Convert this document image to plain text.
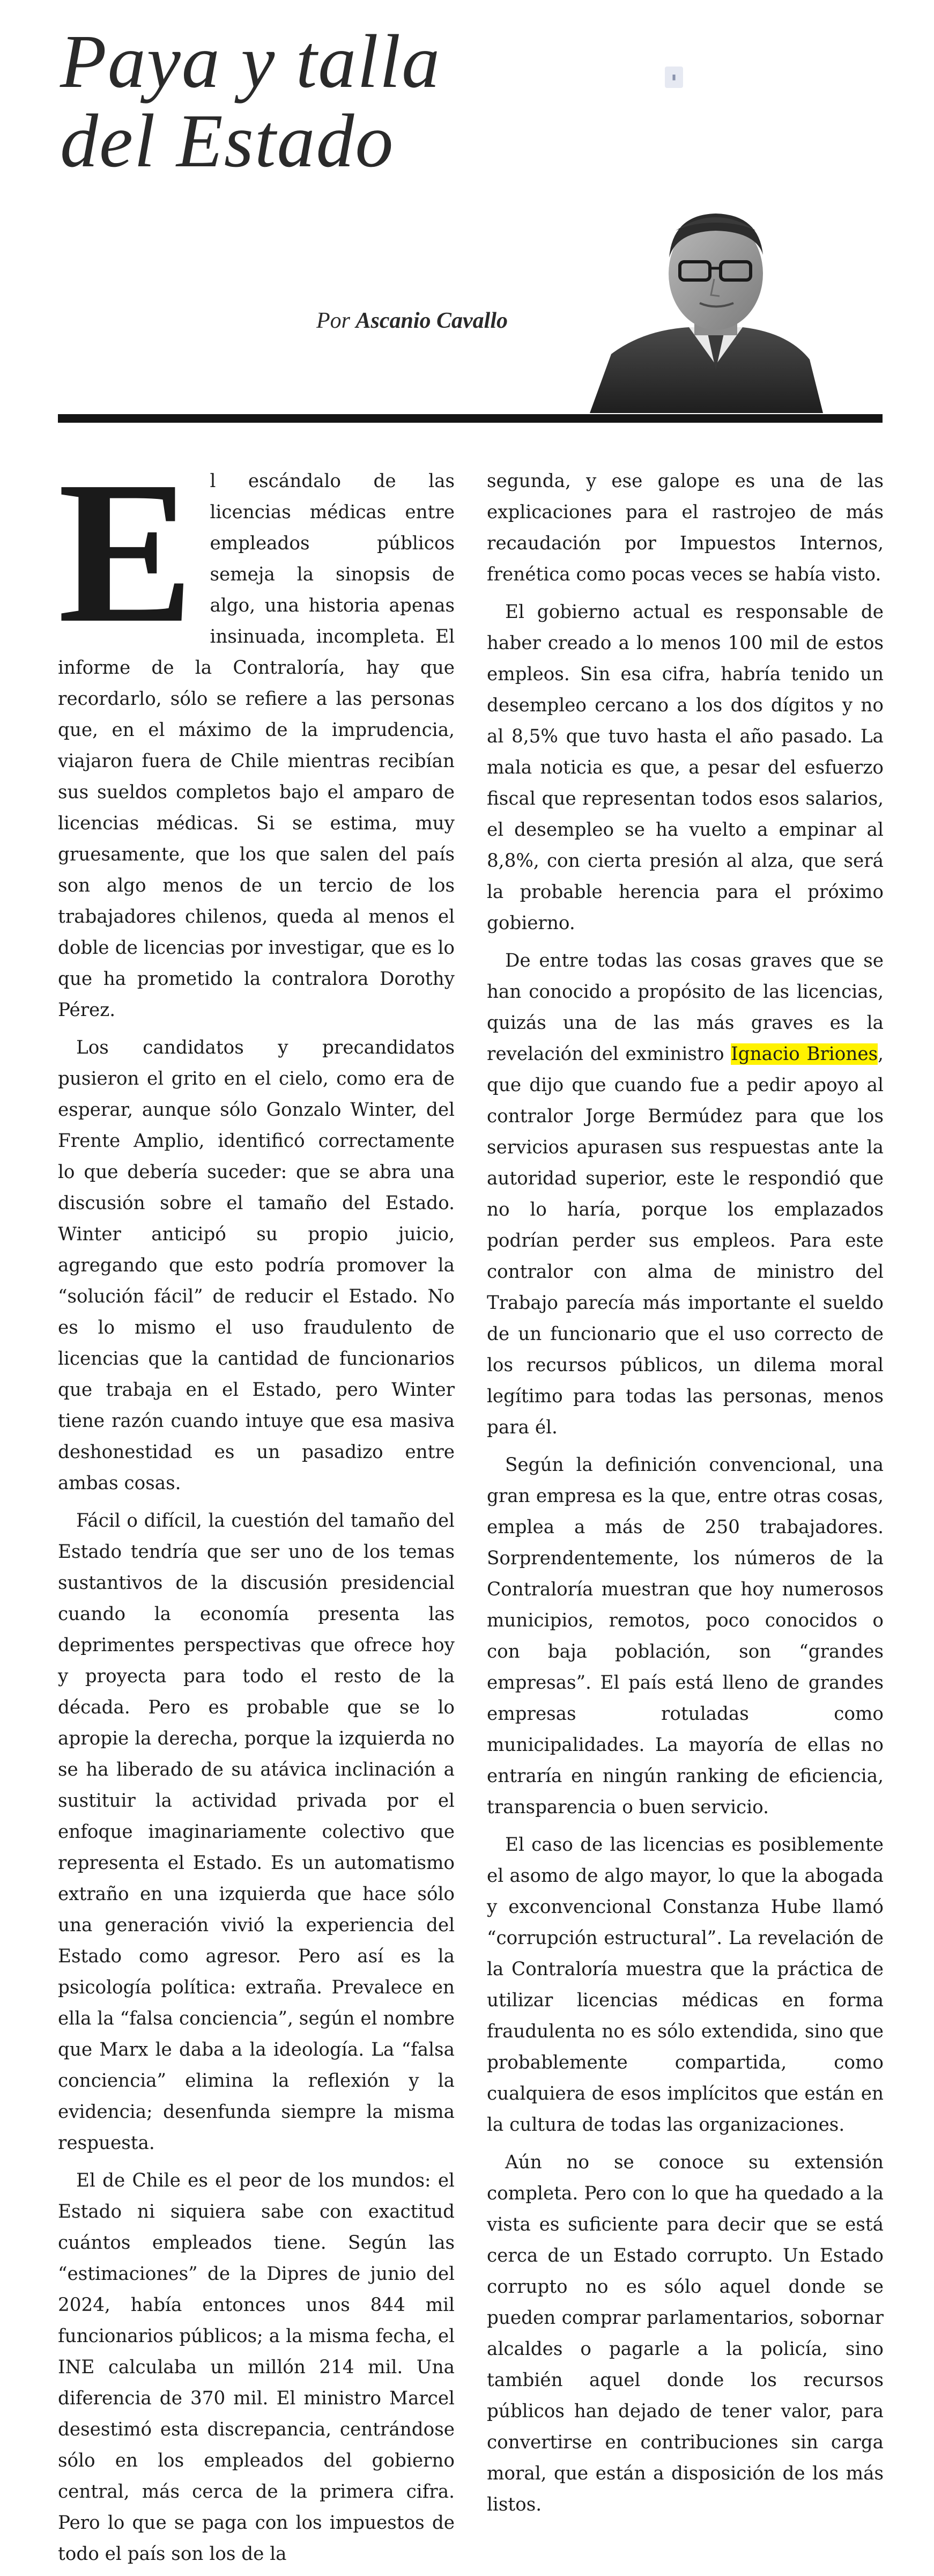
Paya y talla
del Estado
▮
Por Ascanio Cavallo

El escándalo de las licencias médicas entre empleados públicos semeja la sinopsis de algo, una historia apenas insinuada, incompleta. El informe de la Contraloría, hay que recordarlo, sólo se refiere a las personas que, en el máximo de la imprudencia, viajaron fuera de Chile mientras recibían sus sueldos completos bajo el amparo de licencias médicas. Si se estima, muy gruesamente, que los que salen del país son algo menos de un tercio de los trabajadores chilenos, queda al menos el doble de licencias por investigar, que es lo que ha prometido la contralora Dorothy Pérez.

Los candidatos y precandidatos pusieron el grito en el cielo, como era de esperar, aunque sólo Gonzalo Winter, del Frente Amplio, identificó correctamente lo que debería suceder: que se abra una discusión sobre el tamaño del Estado. Winter anticipó su propio juicio, agregando que esto podría promover la “solución fácil” de reducir el Estado. No es lo mismo el uso fraudulento de licencias que la cantidad de funcionarios que trabaja en el Estado, pero Winter tiene razón cuando intuye que esa masiva deshonestidad es un pasadizo entre ambas cosas.

Fácil o difícil, la cuestión del tamaño del Estado tendría que ser uno de los temas sustantivos de la discusión presidencial cuando la economía presenta las deprimentes perspectivas que ofrece hoy y proyecta para todo el resto de la década. Pero es probable que se lo apropie la derecha, porque la izquierda no se ha liberado de su atávica inclinación a sustituir la actividad privada por el enfoque imaginariamente colectivo que representa el Estado. Es un automatismo extraño en una izquierda que hace sólo una generación vivió la experiencia del Estado como agresor. Pero así es la psicología política: extraña. Prevalece en ella la “falsa conciencia”, según el nombre que Marx le daba a la ideología. La “falsa conciencia” elimina la reflexión y la evidencia; desenfunda siempre la misma respuesta.

El de Chile es el peor de los mundos: el Estado ni siquiera sabe con exactitud cuántos empleados tiene. Según las “estimaciones” de la Dipres de junio del 2024, había entonces unos 844 mil funcionarios públicos; a la misma fecha, el INE calculaba un millón 214 mil. Una diferencia de 370 mil. El ministro Marcel desestimó esta discrepancia, centrándose sólo en los empleados del gobierno central, más cerca de la primera cifra. Pero lo que se paga con los impuestos de todo el país son los de la

segunda, y ese galope es una de las explicaciones para el rastrojeo de más recaudación por Impuestos Internos, frenética como pocas veces se había visto.

El gobierno actual es responsable de haber creado a lo menos 100 mil de estos empleos. Sin esa cifra, habría tenido un desempleo cercano a los dos dígitos y no al 8,5% que tuvo hasta el año pasado. La mala noticia es que, a pesar del esfuerzo fiscal que representan todos esos salarios, el desempleo se ha vuelto a empinar al 8,8%, con cierta presión al alza, que será la probable herencia para el próximo gobierno.

De entre todas las cosas graves que se han conocido a propósito de las licencias, quizás una de las más graves es la revelación del exministro Ignacio Briones, que dijo que cuando fue a pedir apoyo al contralor Jorge Bermúdez para que los servicios apurasen sus respuestas ante la autoridad superior, este le respondió que no lo haría, porque los emplazados podrían perder sus empleos. Para este contralor con alma de ministro del Trabajo parecía más importante el sueldo de un funcionario que el uso correcto de los recursos públicos, un dilema moral legítimo para todas las personas, menos para él.

Según la definición convencional, una gran empresa es la que, entre otras cosas, emplea a más de 250 trabajadores. Sorprendentemente, los números de la Contraloría muestran que hoy numerosos municipios, remotos, poco conocidos o con baja población, son “grandes empresas”. El país está lleno de grandes empresas rotuladas como municipalidades. La mayoría de ellas no entraría en ningún ranking de eficiencia, transparencia o buen servicio.

El caso de las licencias es posiblemente el asomo de algo mayor, lo que la abogada y exconvencional Constanza Hube llamó “corrupción estructural”. La revelación de la Contraloría muestra que la práctica de utilizar licencias médicas en forma fraudulenta no es sólo extendida, sino que probablemente compartida, como cualquiera de esos implícitos que están en la cultura de todas las organizaciones.

Aún no se conoce su extensión completa. Pero con lo que ha quedado a la vista es suficiente para decir que se está cerca de un Estado corrupto. Un Estado corrupto no es sólo aquel donde se pueden comprar parlamentarios, sobornar alcaldes o pagarle a la policía, sino también aquel donde los recursos públicos han dejado de tener valor, para convertirse en contribuciones sin carga moral, que están a disposición de los más listos.
